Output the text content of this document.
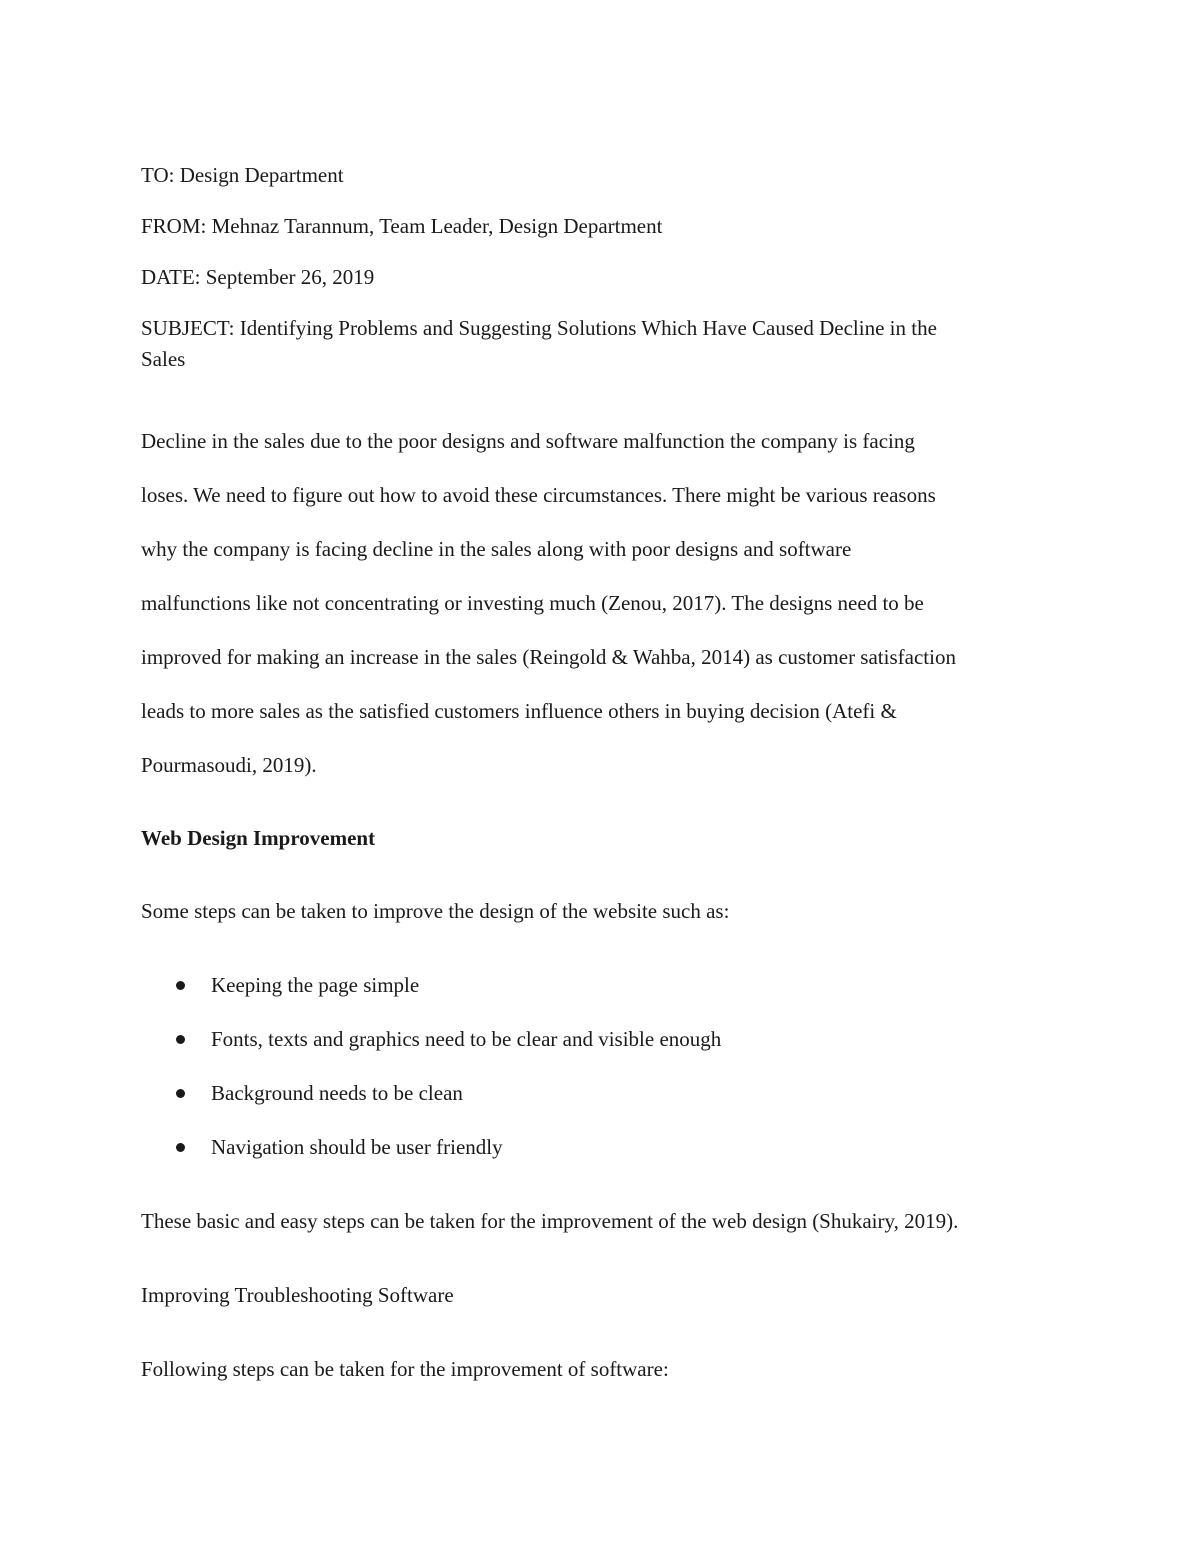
TO: Design Department

FROM: Mehnaz Tarannum, Team Leader, Design Department

DATE: September 26, 2019

SUBJECT: Identifying Problems and Suggesting Solutions Which Have Caused Decline in the
Sales
Decline in the sales due to the poor designs and software malfunction the company is facing
loses. We need to figure out how to avoid these circumstances. There might be various reasons
why the company is facing decline in the sales along with poor designs and software
malfunctions like not concentrating or investing much (Zenou, 2017). The designs need to be
improved for making an increase in the sales (Reingold & Wahba, 2014) as customer satisfaction
leads to more sales as the satisfied customers influence others in buying decision (Atefi &
Pourmasoudi, 2019).

Web Design Improvement

Some steps can be taken to improve the design of the website such as:

Keeping the page simple
Fonts, texts and graphics need to be clear and visible enough
Background needs to be clean
Navigation should be user friendly

These basic and easy steps can be taken for the improvement of the web design (Shukairy, 2019).

Improving Troubleshooting Software

Following steps can be taken for the improvement of software:
